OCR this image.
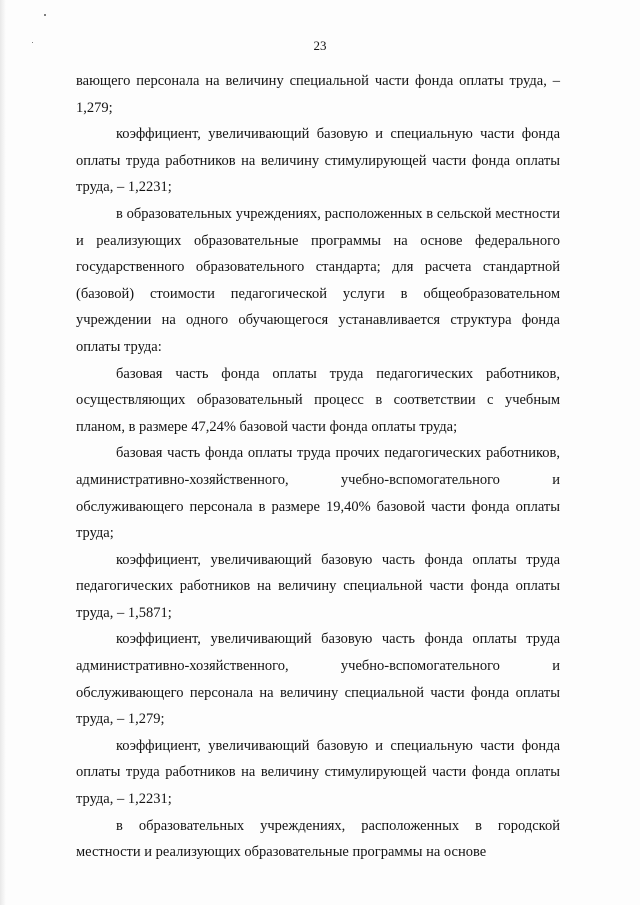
23

вающего персонала на величину специальной части фонда оплаты труда, – 1,279;

коэффициент, увеличивающий базовую и специальную части фонда оплаты труда работников на величину стимулирующей части фонда оплаты труда, – 1,2231;

в образовательных учреждениях, расположенных в сельской местности и реализующих образовательные программы на основе федерального государственного образовательного стандарта; для расчета стандартной (базовой) стоимости педагогической услуги в общеобразовательном учреждении на одного обучающегося устанавливается структура фонда оплаты труда:

базовая часть фонда оплаты труда педагогических работников, осуществляющих образовательный процесс в соответствии с учебным планом, в размере 47,24% базовой части фонда оплаты труда;

базовая часть фонда оплаты труда прочих педагогических работников, административно-хозяйственного, учебно-вспомогательного и обслуживающего персонала в размере 19,40% базовой части фонда оплаты труда;

коэффициент, увеличивающий базовую часть фонда оплаты труда педагогических работников на величину специальной части фонда оплаты труда, – 1,5871;

коэффициент, увеличивающий базовую часть фонда оплаты труда административно-хозяйственного, учебно-вспомогательного и обслуживающего персонала на величину специальной части фонда оплаты труда, – 1,279;

коэффициент, увеличивающий базовую и специальную части фонда оплаты труда работников на величину стимулирующей части фонда оплаты труда, – 1,2231;

в образовательных учреждениях, расположенных в городской местности и реализующих образовательные программы на основе
